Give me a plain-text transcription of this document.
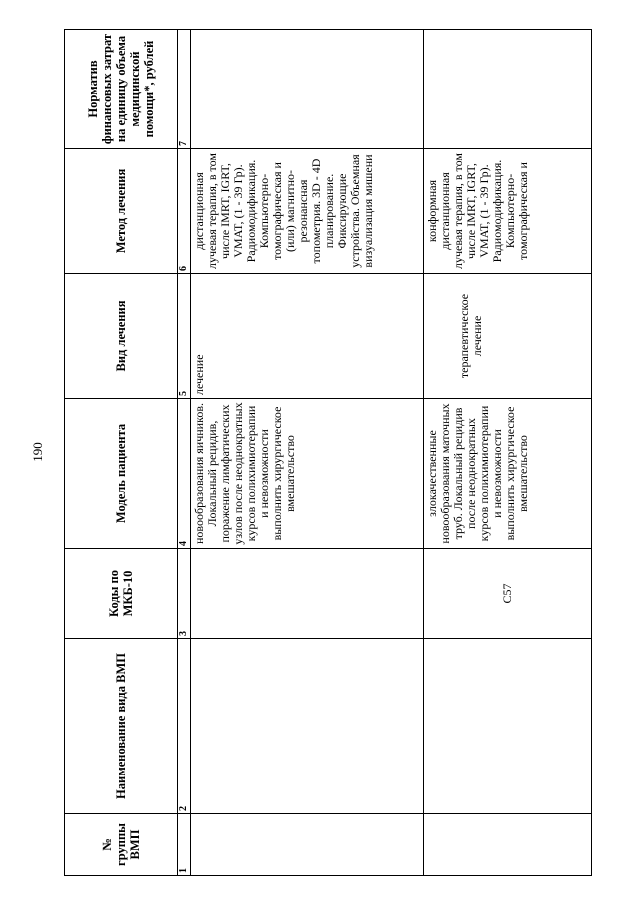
190
№ группы ВМП	Наименование вида ВМП	Коды по МКБ-10	Модель пациента	Вид лечения	Метод лечения	Норматив финансовых затрат на единицу объема медицинской помощи*, рублей
1	2	3	4	5	6	7
			новообразования яичников. Локальный рецидив, поражение лимфатических узлов после неоднократных курсов полихимиотерапии и невозможности выполнить хирургическое вмешательство	лечение	дистанционная лучевая терапия, в том числе IMRT, IGRT, VMAT, (1 - 39 Гр). Радиомодификация. Компьютерно-томографическая и (или) магнитно-резонансная топометрия. 3D - 4D планирование. Фиксирующие устройства. Объемная визуализация мишени	
		C57	злокачественные новообразования маточных труб. Локальный рецидив после неоднократных курсов полихимиотерапии и невозможности выполнить хирургическое вмешательство	терапевтическое лечение	конформная дистанционная лучевая терапия, в том числе IMRT, IGRT, VMAT, (1 - 39 Гр). Радиомодификация. Компьютерно-томографическая и	
